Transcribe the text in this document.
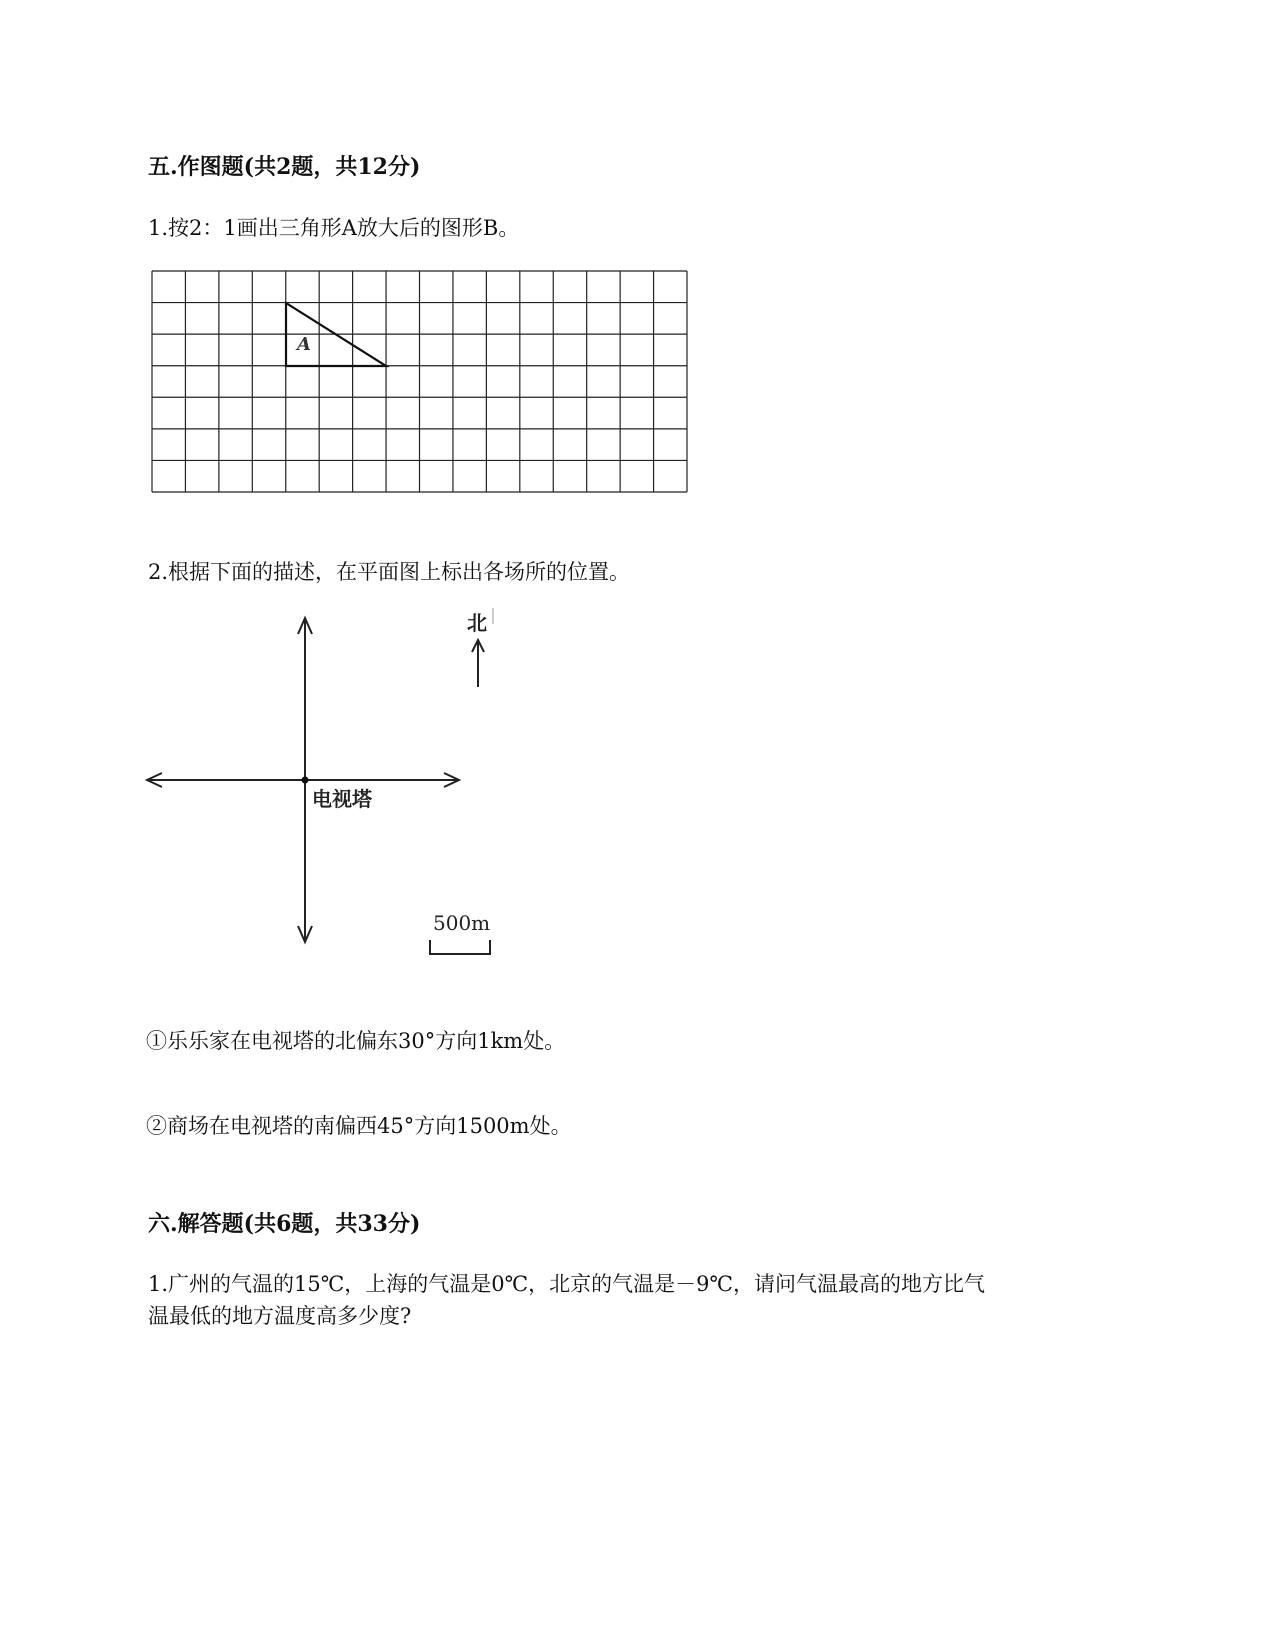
五.作图题(共2题，共12分)
1.按2：1画出三角形A放大后的图形B。
A
2.根据下面的描述，在平面图上标出各场所的位置。
电视塔
北
500m
①乐乐家在电视塔的北偏东30°方向1km处。
②商场在电视塔的南偏西45°方向1500m处。
六.解答题(共6题，共33分)
1.广州的气温的15℃，上海的气温是0℃，北京的气温是－9℃，请问气温最高的地方比气
温最低的地方温度高多少度?
